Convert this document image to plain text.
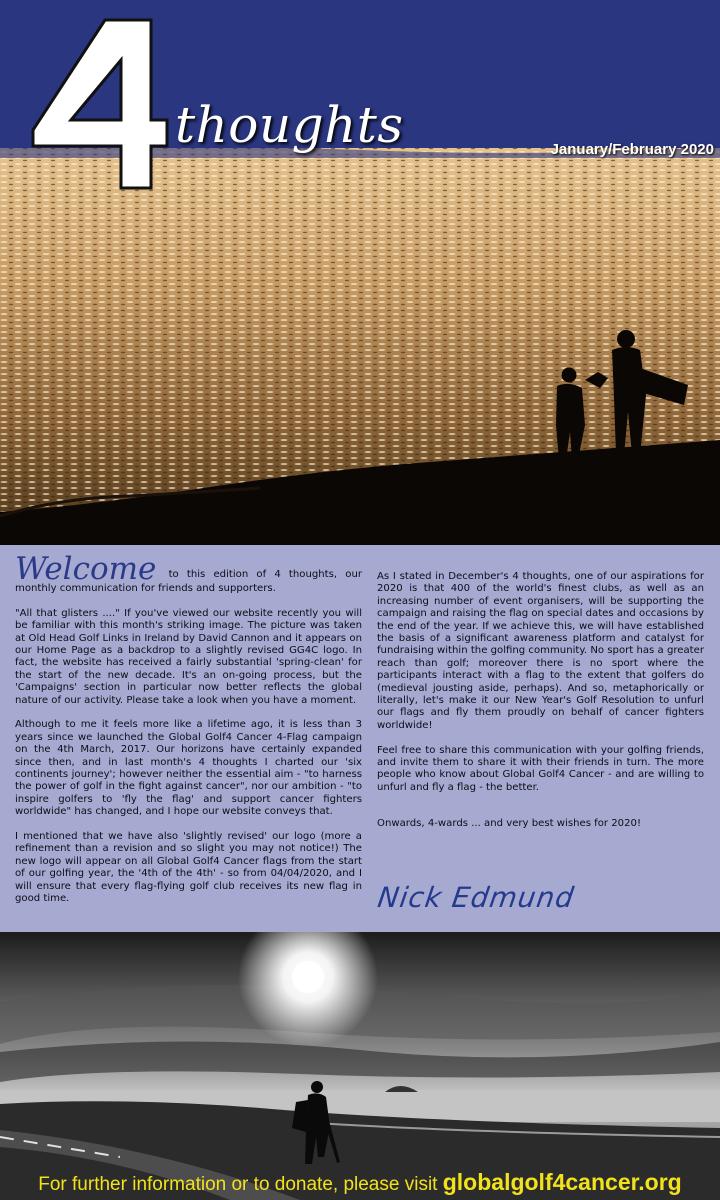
thoughts	January/February 2020

Welcome to this edition of 4 thoughts, our monthly communication for friends and supporters.

"All that glisters ...." If you've viewed our website recently you will be familiar with this month's striking image. The picture was taken at Old Head Golf Links in Ireland by David Cannon and it appears on our Home Page as a backdrop to a slightly revised GG4C logo. In fact, the website has received a fairly substantial 'spring-clean' for the start of the new decade. It's an on-going process, but the 'Campaigns' section in particular now better reflects the global nature of our activity. Please take a look when you have a moment.

Although to me it feels more like a lifetime ago, it is less than 3 years since we launched the Global Golf4 Cancer 4-Flag campaign on the 4th March, 2017. Our horizons have certainly expanded since then, and in last month's 4 thoughts I charted our 'six continents journey'; however neither the essential aim - "to harness the power of golf in the fight against cancer", nor our ambition - "to inspire golfers to 'fly the flag' and support cancer fighters worldwide" has changed, and I hope our website conveys that.

I mentioned that we have also 'slightly revised' our logo (more a refinement than a revision and so slight you may not notice!) The new logo will appear on all Global Golf4 Cancer flags from the start of our golfing year, the '4th of the 4th' - so from 04/04/2020, and I will ensure that every flag-flying golf club receives its new flag in good time.

As I stated in December's 4 thoughts, one of our aspirations for 2020 is that 400 of the world's finest clubs, as well as an increasing number of event organisers, will be supporting the campaign and raising the flag on special dates and occasions by the end of the year. If we achieve this, we will have established the basis of a significant awareness platform and catalyst for fundraising within the golfing community. No sport has a greater reach than golf; moreover there is no sport where the participants interact with a flag to the extent that golfers do (medieval jousting aside, perhaps). And so, metaphorically or literally, let's make it our New Year's Golf Resolution to unfurl our flags and fly them proudly on behalf of cancer fighters worldwide!

Feel free to share this communication with your golfing friends, and invite them to share it with their friends in turn. The more people who know about Global Golf4 Cancer - and are willing to unfurl and fly a flag - the better.

Onwards, 4-wards ... and very best wishes for 2020!

Nick Edmund
For further information or to donate, please visit globalgolf4cancer.org
